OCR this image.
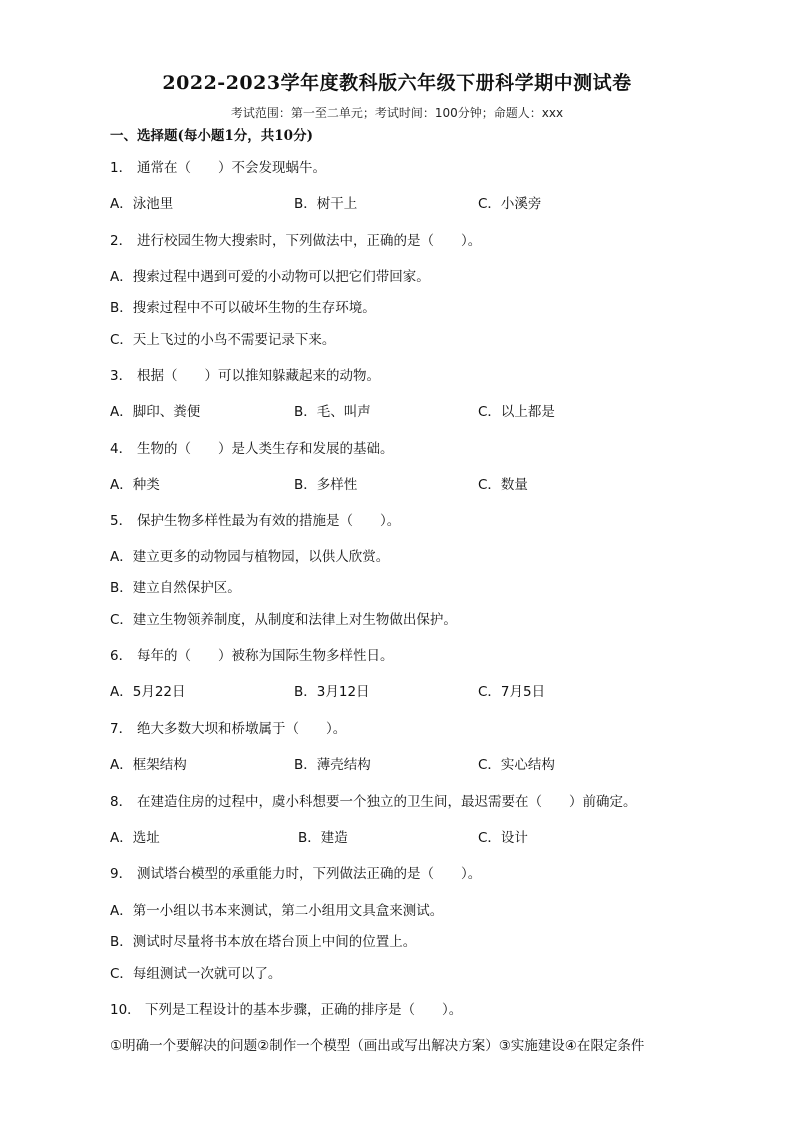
2022-2023学年度教科版六年级下册科学期中测试卷
考试范围：第一至二单元；考试时间：100分钟；命题人：xxx
一、选择题(每小题1分，共10分)
1． 通常在（　　）不会发现蜗牛。
A．泳池里	B．树干上	C．小溪旁
2． 进行校园生物大搜索时，下列做法中，正确的是（　　）。
A．搜索过程中遇到可爱的小动物可以把它们带回家。
B．搜索过程中不可以破坏生物的生存环境。
C．天上飞过的小鸟不需要记录下来。
3． 根据（　　）可以推知躲藏起来的动物。
A．脚印、粪便	B．毛、叫声	C．以上都是
4． 生物的（　　）是人类生存和发展的基础。
A．种类	B．多样性	C．数量
5． 保护生物多样性最为有效的措施是（　　）。
A．建立更多的动物园与植物园，以供人欣赏。
B．建立自然保护区。
C．建立生物领养制度，从制度和法律上对生物做出保护。
6． 每年的（　　）被称为国际生物多样性日。
A．5月22日	B．3月12日	C．7月5日
7． 绝大多数大坝和桥墩属于（　　）。
A．框架结构	B．薄壳结构	C．实心结构
8． 在建造住房的过程中，虞小科想要一个独立的卫生间，最迟需要在（　　）前确定。
A．选址	B．建造	C．设计
9． 测试塔台模型的承重能力时，下列做法正确的是（　　）。
A．第一小组以书本来测试，第二小组用文具盒来测试。
B．测试时尽量将书本放在塔台顶上中间的位置上。
C．每组测试一次就可以了。
10． 下列是工程设计的基本步骤，正确的排序是（　　）。
①明确一个要解决的问题②制作一个模型（画出或写出解决方案）③实施建设④在限定条件
